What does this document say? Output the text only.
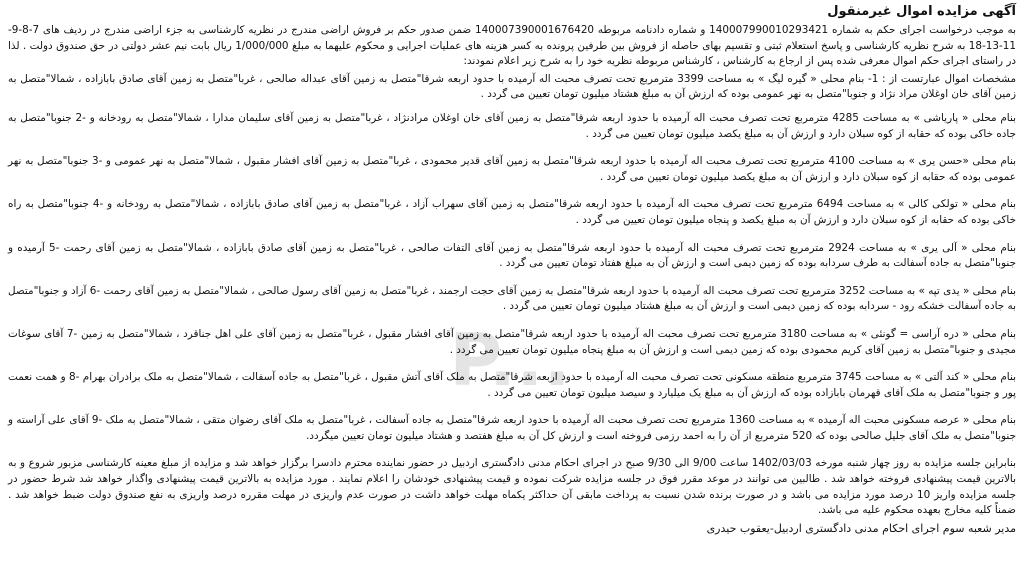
P...
آگهی مزایده اموال غیرمنقول

به موجب درخواست اجرای حکم به شماره 140007990010293421 و شماره دادنامه مربوطه 140007390001676420 ضمن صدور حکم بر فروش اراضی مندرج در نظریه کارشناسی به جزء اراضی مندرج در ردیف های 7-8-9-11-13-18 به شرح نظریه کارشناسی و پاسخ استعلام ثبتی و تقسیم بهای حاصله از فروش بین طرفین پرونده به کسر هزینه های عملیات اجرایی و محکوم علیهما به مبلغ 1/000/000 ریال بابت نیم عشر دولتی در حق صندوق دولت . لذا در راستای اجرای حکم اموال معرفی شده پس از ارجاع به کارشناس ، کارشناس مربوطه نظریه خود را به شرح زیر اعلام نمودند:

مشخصات اموال عبارتست از : 1- بنام محلی « گیره لیگ » به مساحت 3399 مترمربع تحت تصرف محبت اله آرمیده با حدود اربعه شرقا"متصل به زمین آقای عبداله صالحی ، غربا"متصل به زمین آقای صادق بابازاده ، شمالا"متصل به زمین آقای خان اوغلان مراد نژاد و جنوبا"متصل به نهر عمومی بوده که ارزش آن به مبلغ هشتاد میلیون تومان تعیین می گردد .

بنام محلی « پاریاشی » به مساحت 4285 مترمربع تحت تصرف محبت اله آرمیده با حدود اربعه شرقا"متصل به زمین آقای خان اوغلان مرادنژاد ، غربا"متصل به زمین آقای سلیمان مدارا ، شمالا"متصل به رودخانه و -2 جنوبا"متصل به جاده خاکی بوده که حقابه از کوه سبلان دارد و ارزش آن به مبلغ یکصد میلیون تومان تعیین می گردد .

بنام محلی «حسن یری » به مساحت 4100 مترمربع تحت تصرف محبت اله آرمیده با حدود اربعه شرقا"متصل به زمین آقای قدیر محمودی ، غربا"متصل به زمین آقای افشار مقبول ، شمالا"متصل به نهر عمومی و -3 جنوبا"متصل به نهر عمومی بوده که حقابه از کوه سبلان دارد و ارزش آن به مبلغ یکصد میلیون تومان تعیین می گردد .

بنام محلی « تولکی کالی » به مساحت 6494 مترمربع تحت تصرف محبت اله آرمیده با حدود اربعه شرقا"متصل به زمین آقای سهراب آزاد ، غربا"متصل به زمین آقای صادق بابازاده ، شمالا"متصل به رودخانه و -4 جنوبا"متصل به راه خاکی بوده که حقابه از کوه سبلان دارد و ارزش آن به مبلغ یکصد و پنجاه میلیون تومان تعیین می گردد .

بنام محلی « آلی یری » به مساحت 2924 مترمربع تحت تصرف محبت اله آرمیده با حدود اربعه شرقا"متصل به زمین آقای التفات صالحی ، غربا"متصل به زمین آقای صادق بابازاده ، شمالا"متصل به زمین آقای رحمت -5 آرمیده و جنوبا"متصل به جاده آسفالت به طرف سردابه بوده که زمین دیمی است و ارزش آن به مبلغ هفتاد تومان تعیین می گردد .

بنام محلی « یدی تپه » به مساحت 3252 مترمربع تحت تصرف محبت اله آرمیده با حدود اربعه شرقا"متصل به زمین آقای حجت ارجمند ، غربا"متصل به زمین آقای رسول صالحی ، شمالا"متصل به زمین آقای رحمت -6 آزاد و جنوبا"متصل به جاده آسفالت خشکه رود - سردابه بوده که زمین دیمی است و ارزش آن به مبلغ هشتاد میلیون تومان تعیین می گردد .

بنام محلی « دره آراسی = گونئی » به مساحت 3180 مترمربع تحت تصرف محبت اله آرمیده با حدود اربعه شرقا"متصل به زمین آقای افشار مقبول ، غربا"متصل به زمین آقای علی اهل جناقرد ، شمالا"متصل به زمین -7 آقای سوغات مجیدی و جنوبا"متصل به زمین آقای کریم محمودی بوده که زمین دیمی است و ارزش آن به مبلغ پنجاه میلیون تومان تعیین می گردد .

بنام محلی « کند آلتی » به مساحت 3745 مترمربع منطقه مسکونی تحت تصرف محبت اله آرمیده با حدود اربعه شرقا"متصل به ملک آقای آتش مقبول ، غربا"متصل به جاده آسفالت ، شمالا"متصل به ملک برادران بهرام -8 و همت نعمت پور و جنوبا"متصل به ملک آقای قهرمان بابازاده بوده که ارزش آن به مبلغ یک میلیارد و سیصد میلیون تومان تعیین می گردد .

بنام محلی « عرصه مسکونی محبت اله آرمیده » به مساحت 1360 مترمربع تحت تصرف محبت اله آرمیده با حدود اربعه شرقا"متصل به جاده آسفالت ، غربا"متصل به ملک آقای رضوان متقی ، شمالا"متصل به ملک -9 آقای علی آراسته و جنوبا"متصل به ملک آقای جلیل صالحی بوده که 520 مترمربع از آن را به احمد رزمی فروخته است و ارزش کل آن به مبلغ هفتصد و هشتاد میلیون تومان تعیین میگردد.

بنابراین جلسه مزایده به روز چهار شنبه مورخه 1402/03/03 ساعت 9/00 الی 9/30 صبح در اجرای احکام مدنی دادگستری اردبیل در حضور نماینده محترم دادسرا برگزار خواهد شد و مزایده از مبلغ معینه کارشناسی مزبور شروع و به بالاترین قیمت پیشنهادی فروخته خواهد شد . طالبین می توانند در موعد مقرر فوق در جلسه مزایده شرکت نموده و قیمت پیشنهادی خودشان را اعلام نمایند . مورد مزایده به بالاترین قیمت پیشنهادی واگذار خواهد شد شرط حضور در جلسه مزایده واریز 10 درصد مورد مزایده می باشد و در صورت برنده شدن نسبت به پرداخت مابقی آن حداکثر یکماه مهلت خواهد داشت در صورت عدم واریزی در مهلت مقرره درصد واریزی به نفع صندوق دولت ضبط خواهد شد . ضمناً کلیه مخارج بعهده محکوم علیه می باشد.

مدیر شعبه سوم اجرای احکام مدنی دادگستری اردبیل-یعقوب حیدری
